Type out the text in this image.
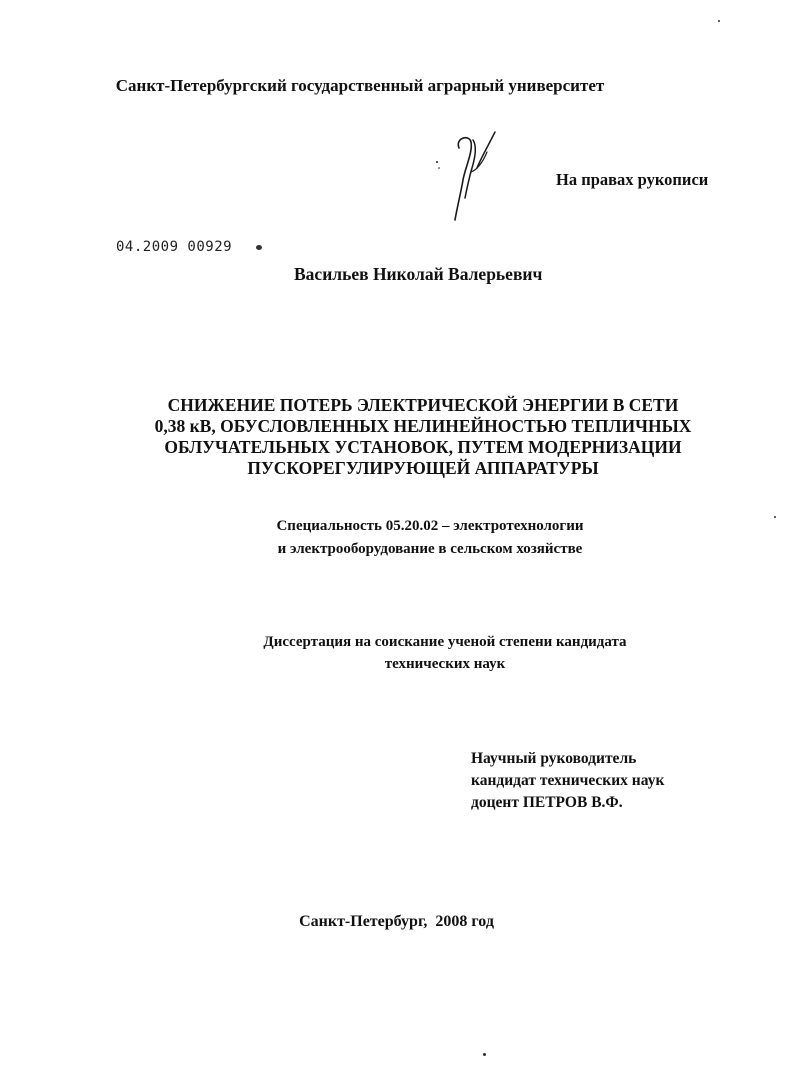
Санкт-Петербургский государственный аграрный университет
На правах рукописи
04.2009 00929
Васильев Николай Валерьевич
СНИЖЕНИЕ ПОТЕРЬ ЭЛЕКТРИЧЕСКОЙ ЭНЕРГИИ В СЕТИ
0,38 кВ, ОБУСЛОВЛЕННЫХ НЕЛИНЕЙНОСТЬЮ ТЕПЛИЧНЫХ
ОБЛУЧАТЕЛЬНЫХ УСТАНОВОК, ПУТЕМ МОДЕРНИЗАЦИИ
ПУСКОРЕГУЛИРУЮЩЕЙ АППАРАТУРЫ
Специальность 05.20.02 – электротехнологии
и электрооборудование в сельском хозяйстве
Диссертация на соискание ученой степени кандидата
технических наук
Научный руководитель
кандидат технических наук
доцент ПЕТРОВ В.Ф.
Санкт-Петербург, 2008 год
